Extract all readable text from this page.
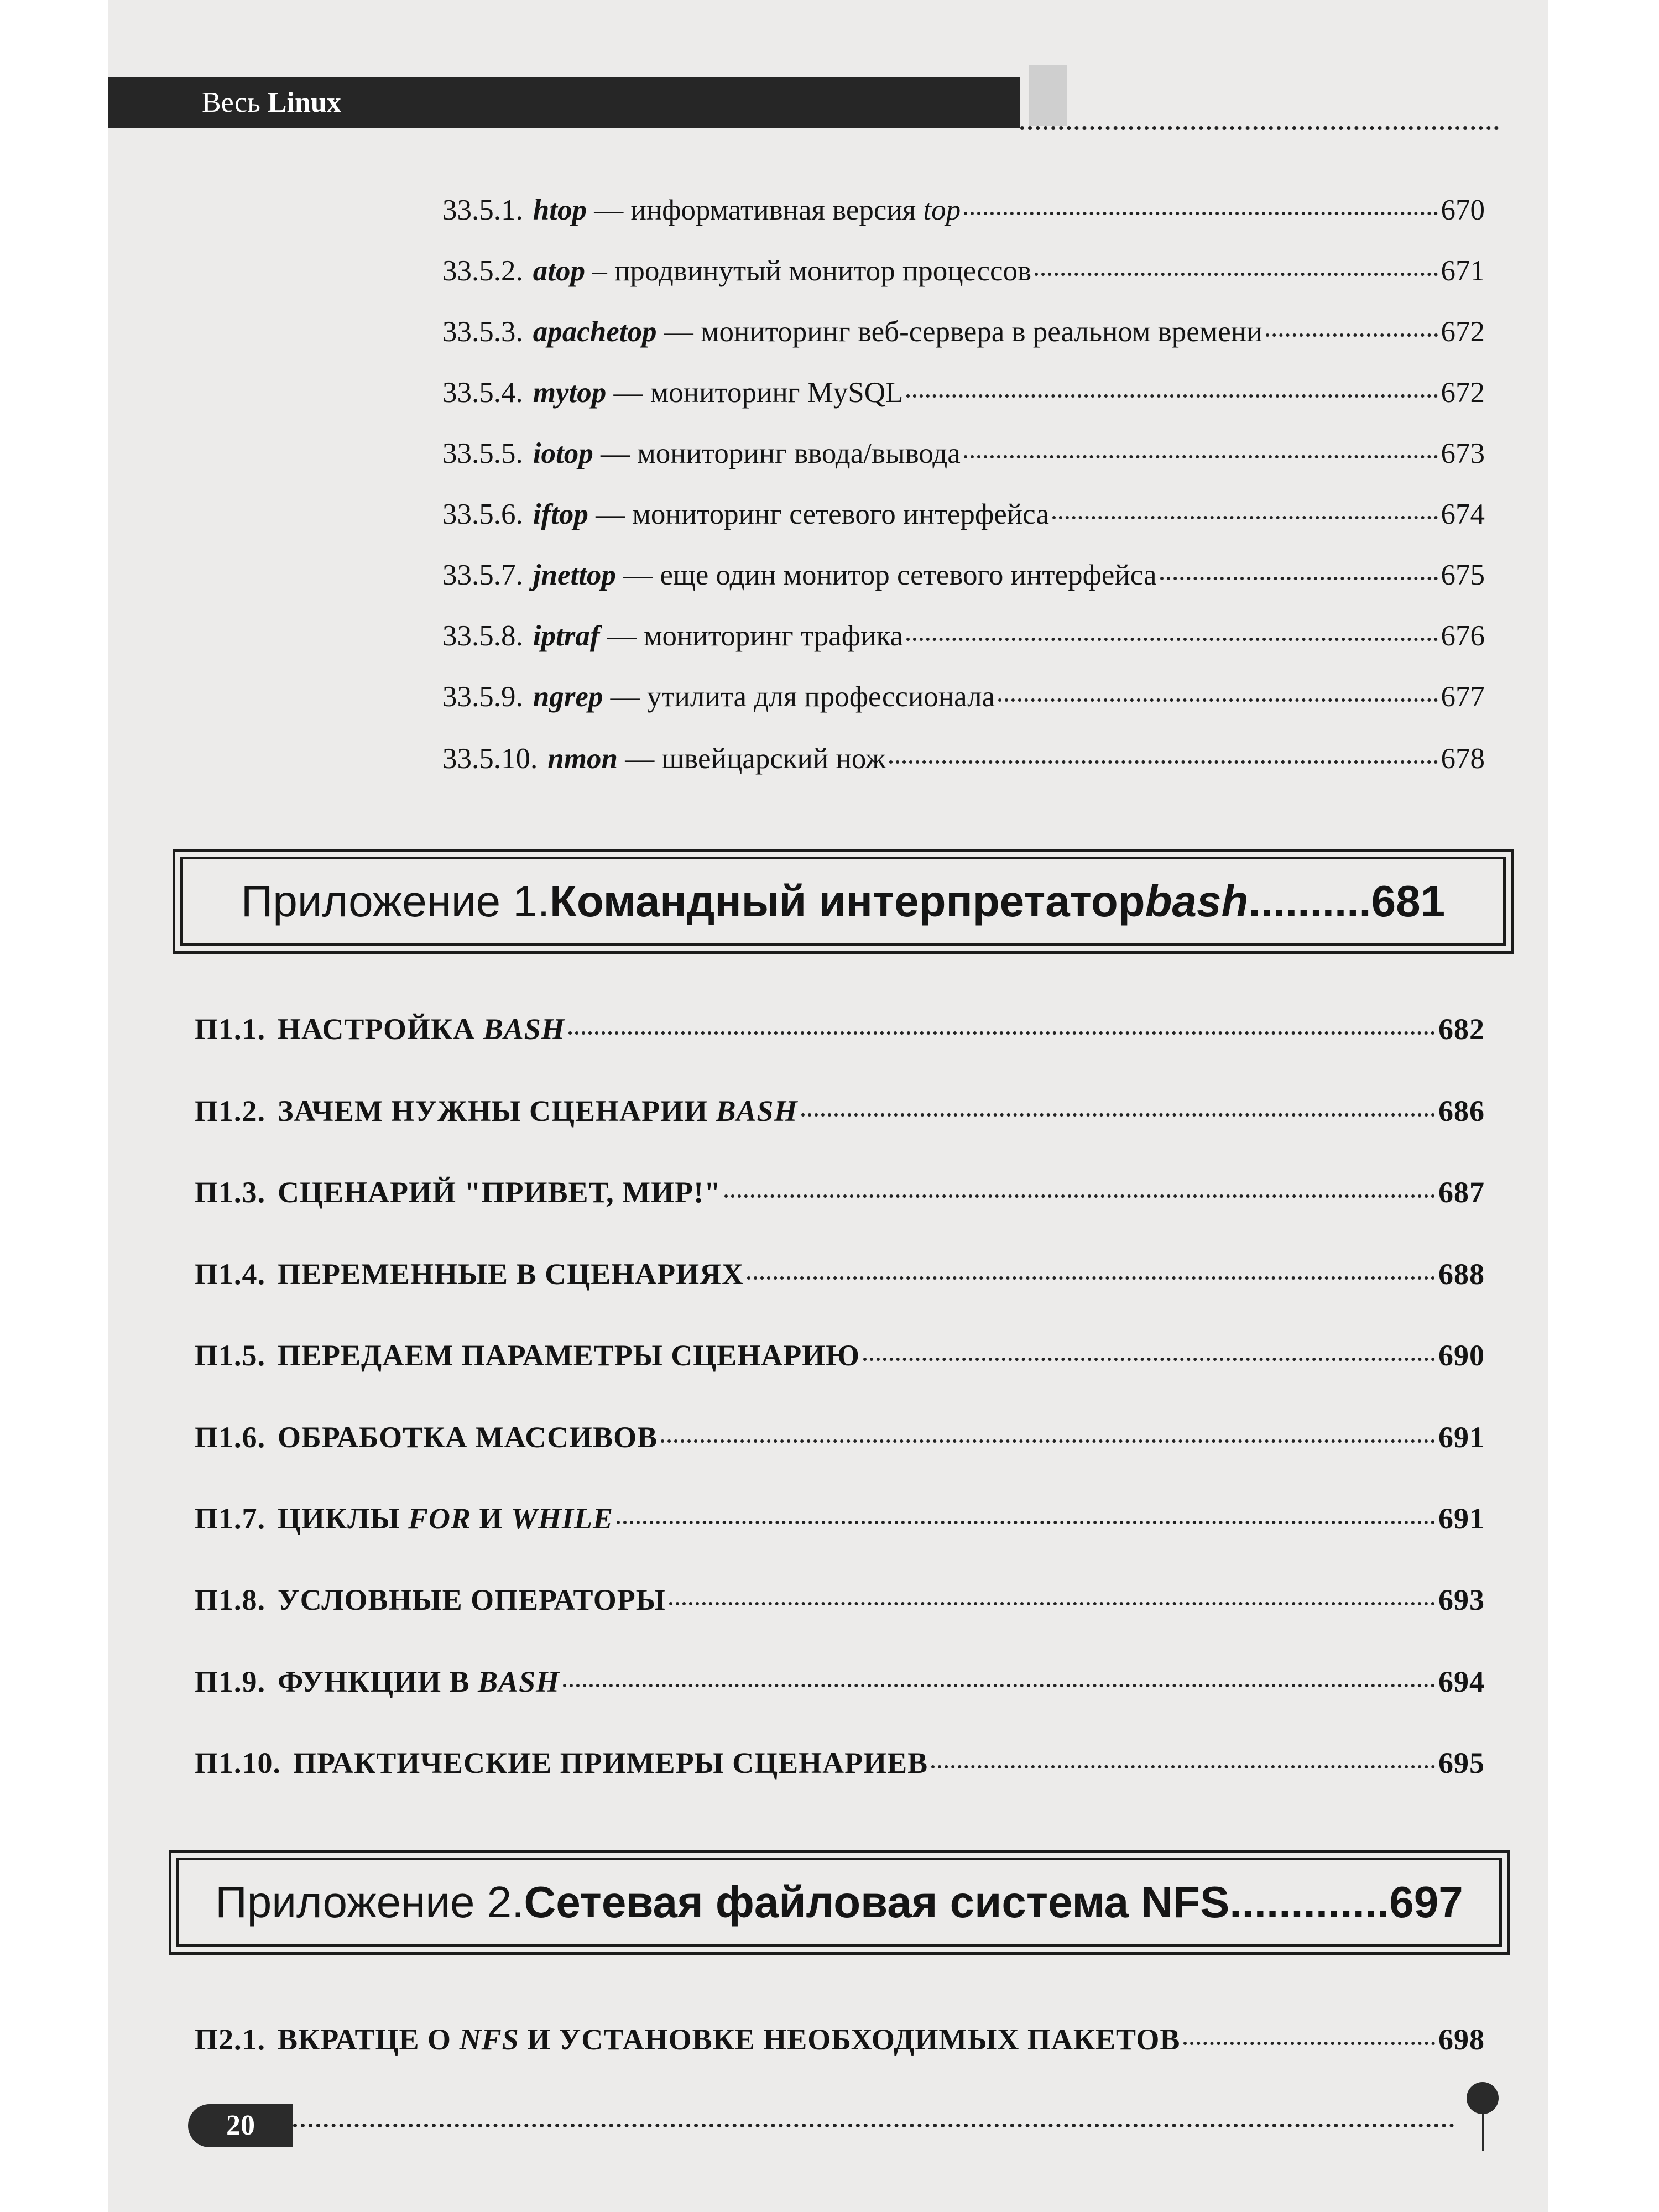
Весь Linux
33.5.1. htop — информативная версия top	670
33.5.2. atop – продвинутый монитор процессов	671
33.5.3. apachetop — мониторинг веб-сервера в реальном времени	672
33.5.4. mytop — мониторинг MySQL	672
33.5.5. iotop — мониторинг ввода/вывода	673
33.5.6. iftop — мониторинг сетевого интерфейса	674
33.5.7. jnettop — еще один монитор сетевого интерфейса	675
33.5.8. iptraf — мониторинг трафика	676
33.5.9. ngrep — утилита для профессионала	677
33.5.10. nmon — швейцарский нож	678
Приложение 1. Командный интерпретатор bash .......... 681
П1.1. НАСТРОЙКА BASH	682
П1.2. ЗАЧЕМ НУЖНЫ СЦЕНАРИИ BASH	686
П1.3. СЦЕНАРИЙ "ПРИВЕТ, МИР!"	687
П1.4. ПЕРЕМЕННЫЕ В СЦЕНАРИЯХ	688
П1.5. ПЕРЕДАЕМ ПАРАМЕТРЫ СЦЕНАРИЮ	690
П1.6. ОБРАБОТКА МАССИВОВ	691
П1.7. ЦИКЛЫ FOR И WHILE	691
П1.8. УСЛОВНЫЕ ОПЕРАТОРЫ	693
П1.9. ФУНКЦИИ В BASH	694
П1.10. ПРАКТИЧЕСКИЕ ПРИМЕРЫ СЦЕНАРИЕВ	695
Приложение 2. Сетевая файловая система NFS ............. 697
П2.1. ВКРАТЦЕ О NFS И УСТАНОВКЕ НЕОБХОДИМЫХ ПАКЕТОВ	698
20
